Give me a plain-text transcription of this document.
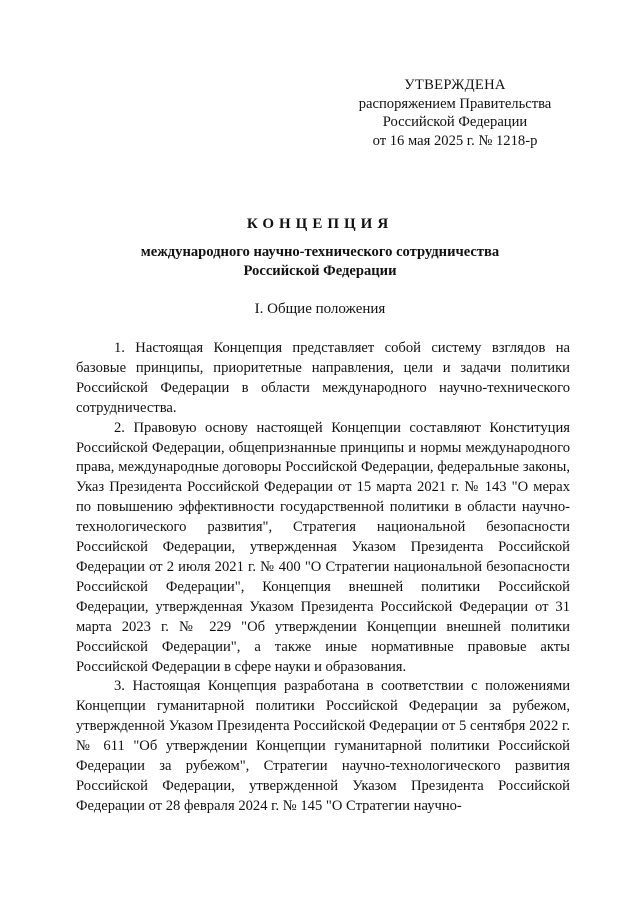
УТВЕРЖДЕНА
распоряжением Правительства
Российской Федерации
от 16 мая 2025 г. № 1218-р
КОНЦЕПЦИЯ
международного научно-технического сотрудничества
Российской Федерации
I. Общие положения

1. Настоящая Концепция представляет собой систему взглядов на базовые принципы, приоритетные направления, цели и задачи политики Российской Федерации в области международного научно-технического сотрудничества.

2. Правовую основу настоящей Концепции составляют Конституция Российской Федерации, общепризнанные принципы и нормы международного права, международные договоры Российской Федерации, федеральные законы, Указ Президента Российской Федерации от 15 марта 2021 г. № 143 "О мерах по повышению эффективности государственной политики в области научно-технологического развития", Стратегия национальной безопасности Российской Федерации, утвержденная Указом Президента Российской Федерации от 2 июля 2021 г. № 400 "О Стратегии национальной безопасности Российской Федерации", Концепция внешней политики Российской Федерации, утвержденная Указом Президента Российской Федерации от 31 марта 2023 г. № 229 "Об утверждении Концепции внешней политики Российской Федерации", а также иные нормативные правовые акты Российской Федерации в сфере науки и образования.

3. Настоящая Концепция разработана в соответствии с положениями Концепции гуманитарной политики Российской Федерации за рубежом, утвержденной Указом Президента Российской Федерации от 5 сентября 2022 г. № 611 "Об утверждении Концепции гуманитарной политики Российской Федерации за рубежом", Стратегии научно-технологического развития Российской Федерации, утвержденной Указом Президента Российской Федерации от 28 февраля 2024 г. № 145 "О Стратегии научно-
